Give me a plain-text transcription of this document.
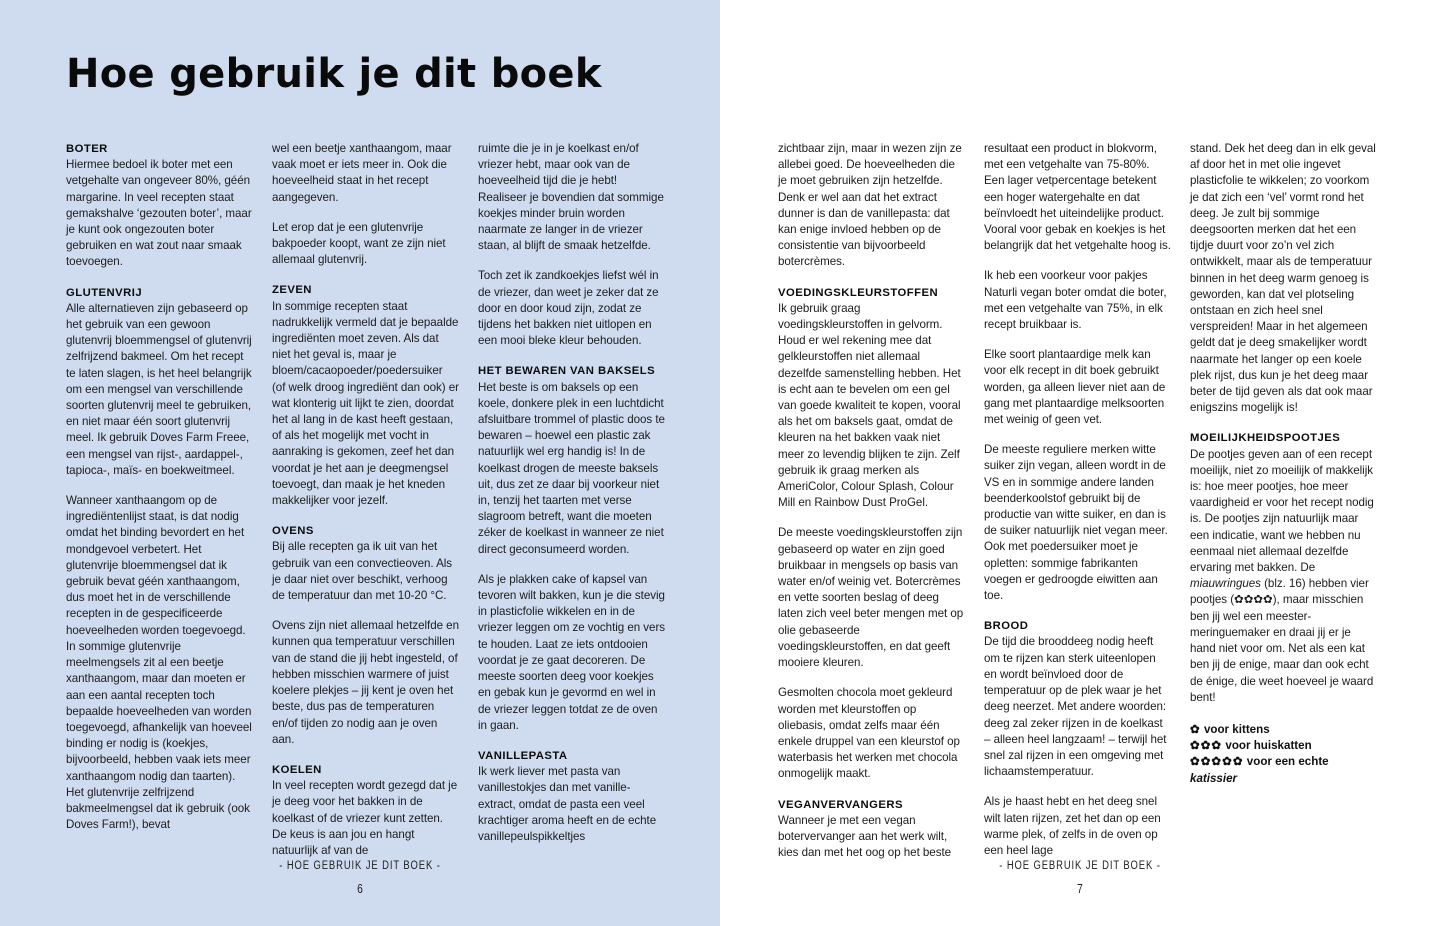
Hoe gebruik je dit boek
BOTER

Hiermee bedoel ik boter met een vetgehalte van ongeveer 80%, géén margarine. In veel recepten staat gemakshalve ‘gezouten boter’, maar je kunt ook ongezouten boter gebruiken en wat zout naar smaak toevoegen.

GLUTENVRIJ

Alle alternatieven zijn gebaseerd op het gebruik van een gewoon glutenvrij bloemmengsel of glutenvrij zelfrijzend bakmeel. Om het recept te laten slagen, is het heel belangrijk om een mengsel van verschillende soorten glutenvrij meel te gebruiken, en niet maar één soort glutenvrij meel. Ik gebruik Doves Farm Freee, een mengsel van rijst-, aardappel-, tapioca-, maïs- en boekweitmeel.

Wanneer xanthaangom op de ingrediëntenlijst staat, is dat nodig omdat het binding bevordert en het mondgevoel verbetert. Het glutenvrije bloemmengsel dat ik gebruik bevat géén xanthaangom, dus moet het in de verschillende recepten in de gespecificeerde hoeveelheden worden toegevoegd. In sommige glutenvrije meelmengsels zit al een beetje xanthaangom, maar dan moeten er aan een aantal recepten toch bepaalde hoeveelheden van worden toegevoegd, afhankelijk van hoeveel binding er nodig is (koekjes, bijvoorbeeld, hebben vaak iets meer xanthaangom nodig dan taarten). Het glutenvrije zelfrijzend bakmeelmengsel dat ik gebruik (ook Doves Farm!), bevat

wel een beetje xanthaangom, maar vaak moet er iets meer in. Ook die hoeveelheid staat in het recept aangegeven.

Let erop dat je een glutenvrije bakpoeder koopt, want ze zijn niet allemaal glutenvrij.

ZEVEN

In sommige recepten staat nadrukkelijk vermeld dat je bepaalde ingrediënten moet zeven. Als dat niet het geval is, maar je bloem/cacaopoeder/poedersuiker (of welk droog ingrediënt dan ook) er wat klonterig uit lijkt te zien, doordat het al lang in de kast heeft gestaan, of als het mogelijk met vocht in aanraking is gekomen, zeef het dan voordat je het aan je deegmengsel toevoegt, dan maak je het kneden makkelijker voor jezelf.

OVENS

Bij alle recepten ga ik uit van het gebruik van een convectieoven. Als je daar niet over beschikt, verhoog de temperatuur dan met 10-20 °C.

Ovens zijn niet allemaal hetzelfde en kunnen qua temperatuur verschillen van de stand die jij hebt ingesteld, of hebben misschien warmere of juist koelere plekjes – jij kent je oven het beste, dus pas de temperaturen en/of tijden zo nodig aan je oven aan.

KOELEN

In veel recepten wordt gezegd dat je je deeg voor het bakken in de koelkast of de vriezer kunt zetten. De keus is aan jou en hangt natuurlijk af van de

ruimte die je in je koelkast en/of vriezer hebt, maar ook van de hoeveelheid tijd die je hebt! Realiseer je bovendien dat sommige koekjes minder bruin worden naarmate ze langer in de vriezer staan, al blijft de smaak hetzelfde.

Toch zet ik zandkoekjes liefst wél in de vriezer, dan weet je zeker dat ze door en door koud zijn, zodat ze tijdens het bakken niet uitlopen en een mooi bleke kleur behouden.

HET BEWAREN VAN BAKSELS

Het beste is om baksels op een koele, donkere plek in een luchtdicht afsluitbare trommel of plastic doos te bewaren – hoewel een plastic zak natuurlijk wel erg handig is! In de koelkast drogen de meeste baksels uit, dus zet ze daar bij voorkeur niet in, tenzij het taarten met verse slagroom betreft, want die moeten zéker de koelkast in wanneer ze niet direct geconsumeerd worden.

Als je plakken cake of kapsel van tevoren wilt bakken, kun je die stevig in plasticfolie wikkelen en in de vriezer leggen om ze vochtig en vers te houden. Laat ze iets ontdooien voordat je ze gaat decoreren. De meeste soorten deeg voor koekjes en gebak kun je gevormd en wel in de vriezer leggen totdat ze de oven in gaan.

VANILLEPASTA

Ik werk liever met pasta van vanillestokjes dan met vanille-extract, omdat de pasta een veel krachtiger aroma heeft en de echte vanillepeulspikkeltjes

- HOE GEBRUIK JE DIT BOEK -
6

zichtbaar zijn, maar in wezen zijn ze allebei goed. De hoeveelheden die je moet gebruiken zijn hetzelfde. Denk er wel aan dat het extract dunner is dan de vanillepasta: dat kan enige invloed hebben op de consistentie van bijvoorbeeld botercrèmes.

VOEDINGSKLEURSTOFFEN

Ik gebruik graag voedingskleurstoffen in gelvorm. Houd er wel rekening mee dat gelkleurstoffen niet allemaal dezelfde samenstelling hebben. Het is echt aan te bevelen om een gel van goede kwaliteit te kopen, vooral als het om baksels gaat, omdat de kleuren na het bakken vaak niet meer zo levendig blijken te zijn. Zelf gebruik ik graag merken als AmeriColor, Colour Splash, Colour Mill en Rainbow Dust ProGel.

De meeste voedingskleurstoffen zijn gebaseerd op water en zijn goed bruikbaar in mengsels op basis van water en/of weinig vet. Botercrèmes en vette soorten beslag of deeg laten zich veel beter mengen met op olie gebaseerde voedingskleurstoffen, en dat geeft mooiere kleuren.

Gesmolten chocola moet gekleurd worden met kleurstoffen op oliebasis, omdat zelfs maar één enkele druppel van een kleurstof op waterbasis het werken met chocola onmogelijk maakt.

VEGANVERVANGERS

Wanneer je met een vegan botervervanger aan het werk wilt, kies dan met het oog op het beste

resultaat een product in blokvorm, met een vetgehalte van 75-80%. Een lager vetpercentage betekent een hoger watergehalte en dat beïnvloedt het uiteindelijke product. Vooral voor gebak en koekjes is het belangrijk dat het vetgehalte hoog is.

Ik heb een voorkeur voor pakjes Naturli vegan boter omdat die boter, met een vetgehalte van 75%, in elk recept bruikbaar is.

Elke soort plantaardige melk kan voor elk recept in dit boek gebruikt worden, ga alleen liever niet aan de gang met plantaardige melksoorten met weinig of geen vet.

De meeste reguliere merken witte suiker zijn vegan, alleen wordt in de VS en in sommige andere landen beenderkoolstof gebruikt bij de productie van witte suiker, en dan is de suiker natuurlijk niet vegan meer. Ook met poedersuiker moet je opletten: sommige fabrikanten voegen er gedroogde eiwitten aan toe.

BROOD

De tijd die brooddeeg nodig heeft om te rijzen kan sterk uiteenlopen en wordt beïnvloed door de temperatuur op de plek waar je het deeg neerzet. Met andere woorden: deeg zal zeker rijzen in de koelkast – alleen heel langzaam! – terwijl het snel zal rijzen in een omgeving met lichaamstemperatuur.

Als je haast hebt en het deeg snel wilt laten rijzen, zet het dan op een warme plek, of zelfs in de oven op een heel lage

stand. Dek het deeg dan in elk geval af door het in met olie ingevet plasticfolie te wikkelen; zo voorkom je dat zich een ‘vel’ vormt rond het deeg. Je zult bij sommige deegsoorten merken dat het een tijdje duurt voor zo’n vel zich ontwikkelt, maar als de temperatuur binnen in het deeg warm genoeg is geworden, kan dat vel plotseling ontstaan en zich heel snel verspreiden! Maar in het algemeen geldt dat je deeg smakelijker wordt naarmate het langer op een koele plek rijst, dus kun je het deeg maar beter de tijd geven als dat ook maar enigszins mogelijk is!

MOEILIJKHEIDSPOOTJES

De pootjes geven aan of een recept moeilijk, niet zo moeilijk of makkelijk is: hoe meer pootjes, hoe meer vaardigheid er voor het recept nodig is. De pootjes zijn natuurlijk maar een indicatie, want we hebben nu eenmaal niet allemaal dezelfde ervaring met bakken. De miauwringues (blz. 16) hebben vier pootjes (✿✿✿✿), maar misschien ben jij wel een meester-meringuemaker en draai jij er je hand niet voor om. Net als een kat ben jij de enige, maar dan ook echt de énige, die weet hoeveel je waard bent!

✿ voor kittens
✿✿✿ voor huiskatten
✿✿✿✿✿ voor een echte
katissier
- HOE GEBRUIK JE DIT BOEK -
7
